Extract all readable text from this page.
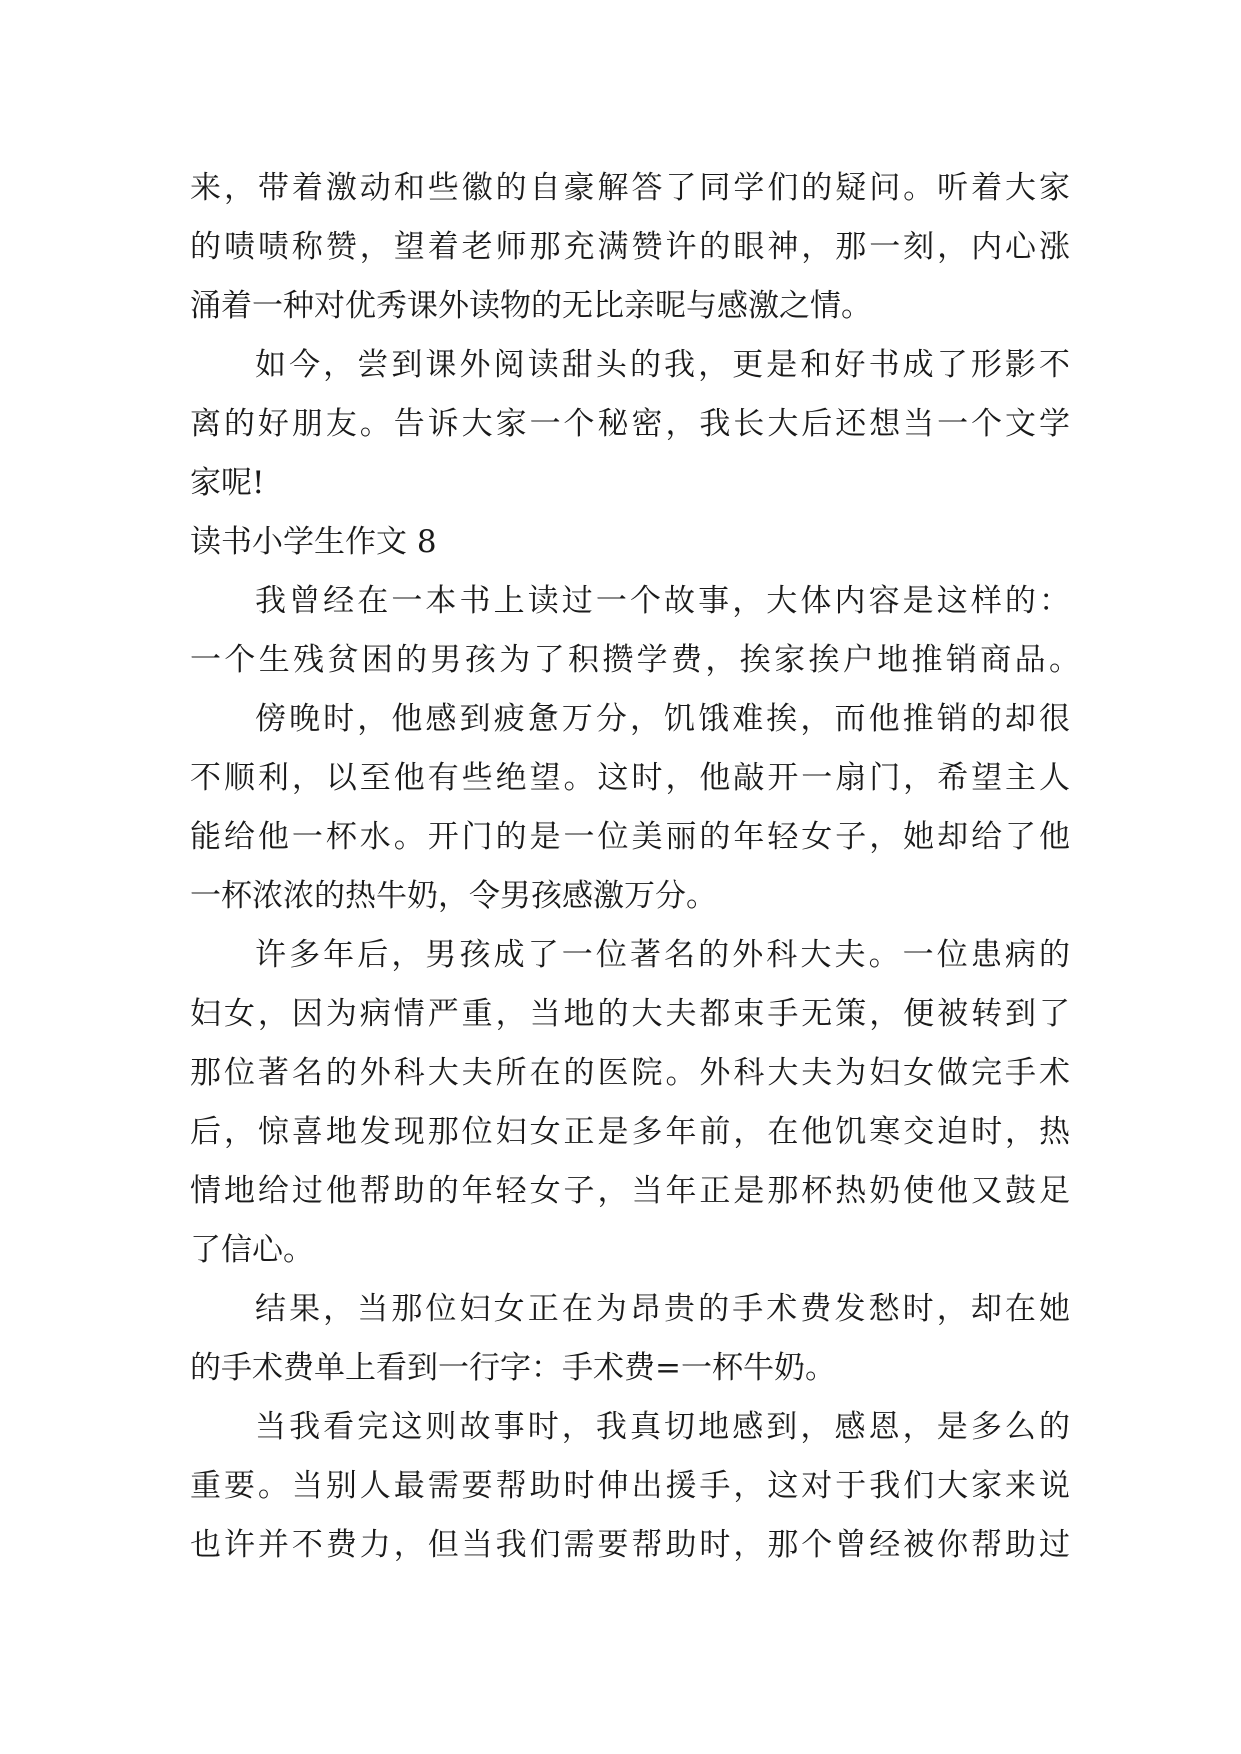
来，带着激动和些徽的自豪解答了同学们的疑问。听着大家
的啧啧称赞，望着老师那充满赞许的眼神，那一刻，内心涨
涌着一种对优秀课外读物的无比亲昵与感激之情。
如今，尝到课外阅读甜头的我，更是和好书成了形影不
离的好朋友。告诉大家一个秘密，我长大后还想当一个文学
家呢!
读书小学生作文 8
我曾经在一本书上读过一个故事，大体内容是这样的：
一个生残贫困的男孩为了积攒学费，挨家挨户地推销商品。
傍晚时，他感到疲惫万分，饥饿难挨，而他推销的却很
不顺利，以至他有些绝望。这时，他敲开一扇门，希望主人
能给他一杯水。开门的是一位美丽的年轻女子，她却给了他
一杯浓浓的热牛奶，令男孩感激万分。
许多年后，男孩成了一位著名的外科大夫。一位患病的
妇女，因为病情严重，当地的大夫都束手无策，便被转到了
那位著名的外科大夫所在的医院。外科大夫为妇女做完手术
后，惊喜地发现那位妇女正是多年前，在他饥寒交迫时，热
情地给过他帮助的年轻女子，当年正是那杯热奶使他又鼓足
了信心。
结果，当那位妇女正在为昂贵的手术费发愁时，却在她
的手术费单上看到一行字：手术费=一杯牛奶。
当我看完这则故事时，我真切地感到，感恩，是多么的
重要。当别人最需要帮助时伸出援手，这对于我们大家来说
也许并不费力，但当我们需要帮助时，那个曾经被你帮助过
